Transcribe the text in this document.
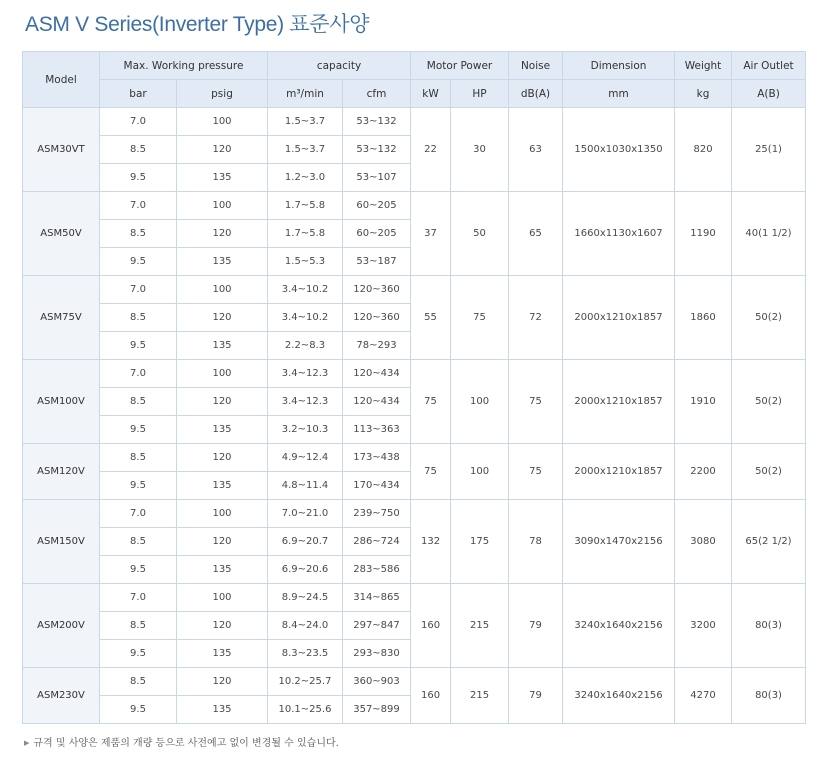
ASM V Series(Inverter Type) 표준사양
Model	Max. Working pressure		capacity		Motor Power		Noise	Dimension	Weight	Air Outlet
	bar	psig	m³/min	cfm	kW	HP	dB(A)	mm	kg	A(B)
ASM30VT	7.0	100	1.5~3.7	53~132	22	30	63	1500x1030x1350	820	25(1)
	8.5	120	1.5~3.7	53~132						
	9.5	135	1.2~3.0	53~107						
ASM50V	7.0	100	1.7~5.8	60~205	37	50	65	1660x1130x1607	1190	40(1 1/2)
	8.5	120	1.7~5.8	60~205						
	9.5	135	1.5~5.3	53~187						
ASM75V	7.0	100	3.4~10.2	120~360	55	75	72	2000x1210x1857	1860	50(2)
	8.5	120	3.4~10.2	120~360						
	9.5	135	2.2~8.3	78~293						
ASM100V	7.0	100	3.4~12.3	120~434	75	100	75	2000x1210x1857	1910	50(2)
	8.5	120	3.4~12.3	120~434						
	9.5	135	3.2~10.3	113~363						
ASM120V	8.5	120	4.9~12.4	173~438	75	100	75	2000x1210x1857	2200	50(2)
	9.5	135	4.8~11.4	170~434						
ASM150V	7.0	100	7.0~21.0	239~750	132	175	78	3090x1470x2156	3080	65(2 1/2)
	8.5	120	6.9~20.7	286~724						
	9.5	135	6.9~20.6	283~586						
ASM200V	7.0	100	8.9~24.5	314~865	160	215	79	3240x1640x2156	3200	80(3)
	8.5	120	8.4~24.0	297~847						
	9.5	135	8.3~23.5	293~830						
ASM230V	8.5	120	10.2~25.7	360~903	160	215	79	3240x1640x2156	4270	80(3)
	9.5	135	10.1~25.6	357~899						
▶ 규격 및 사양은 제품의 개량 등으로 사전예고 없이 변경될 수 있습니다.
